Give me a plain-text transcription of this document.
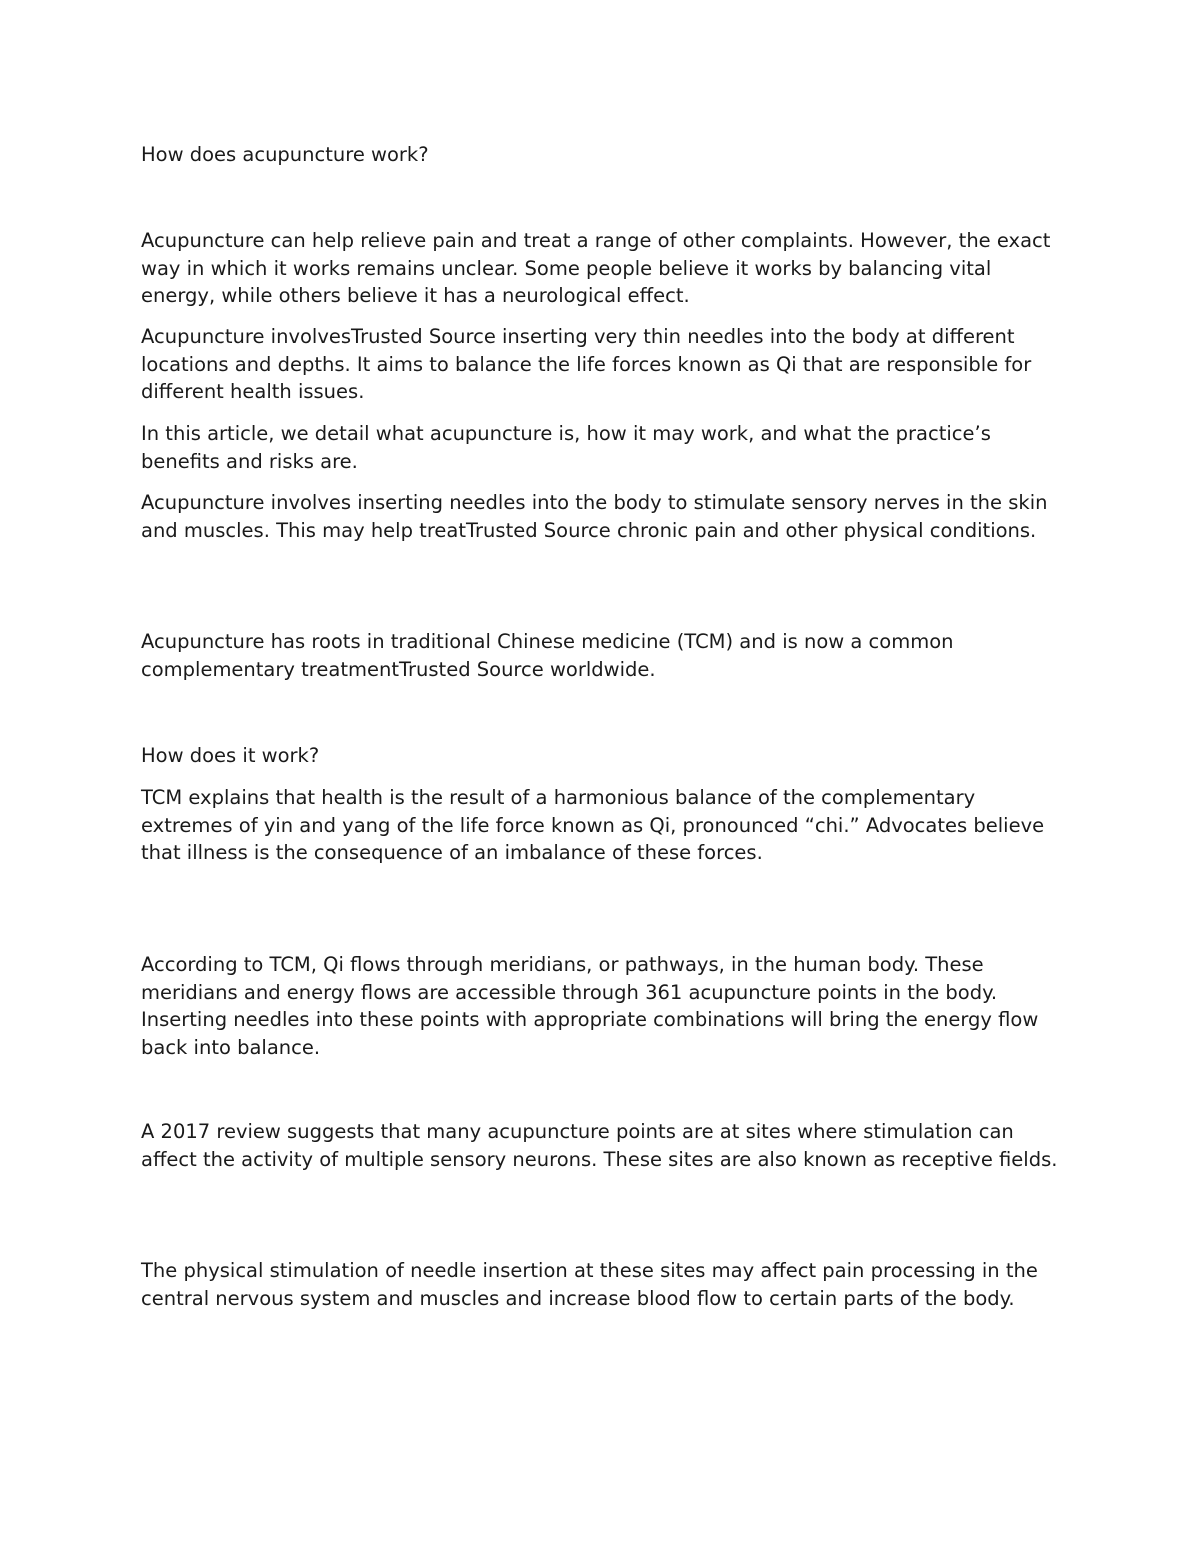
How does acupuncture work?

Acupuncture can help relieve pain and treat a range of other complaints. However, the exact way in which it works remains unclear. Some people believe it works by balancing vital energy, while others believe it has a neurological effect.

Acupuncture involvesTrusted Source inserting very thin needles into the body at different locations and depths. It aims to balance the life forces known as Qi that are responsible for different health issues.

In this article, we detail what acupuncture is, how it may work, and what the practice’s benefits and risks are.

Acupuncture involves inserting needles into the body to stimulate sensory nerves in the skin and muscles. This may help treatTrusted Source chronic pain and other physical conditions.

Acupuncture has roots in traditional Chinese medicine (TCM) and is now a common complementary treatmentTrusted Source worldwide.

How does it work?

TCM explains that health is the result of a harmonious balance of the complementary extremes of yin and yang of the life force known as Qi, pronounced “chi.” Advocates believe that illness is the consequence of an imbalance of these forces.

According to TCM, Qi flows through meridians, or pathways, in the human body. These meridians and energy flows are accessible through 361 acupuncture points in the body. Inserting needles into these points with appropriate combinations will bring the energy flow back into balance.

A 2017 review suggests that many acupuncture points are at sites where stimulation can affect the activity of multiple sensory neurons. These sites are also known as receptive fields.

The physical stimulation of needle insertion at these sites may affect pain processing in the central nervous system and muscles and increase blood flow to certain parts of the body.
